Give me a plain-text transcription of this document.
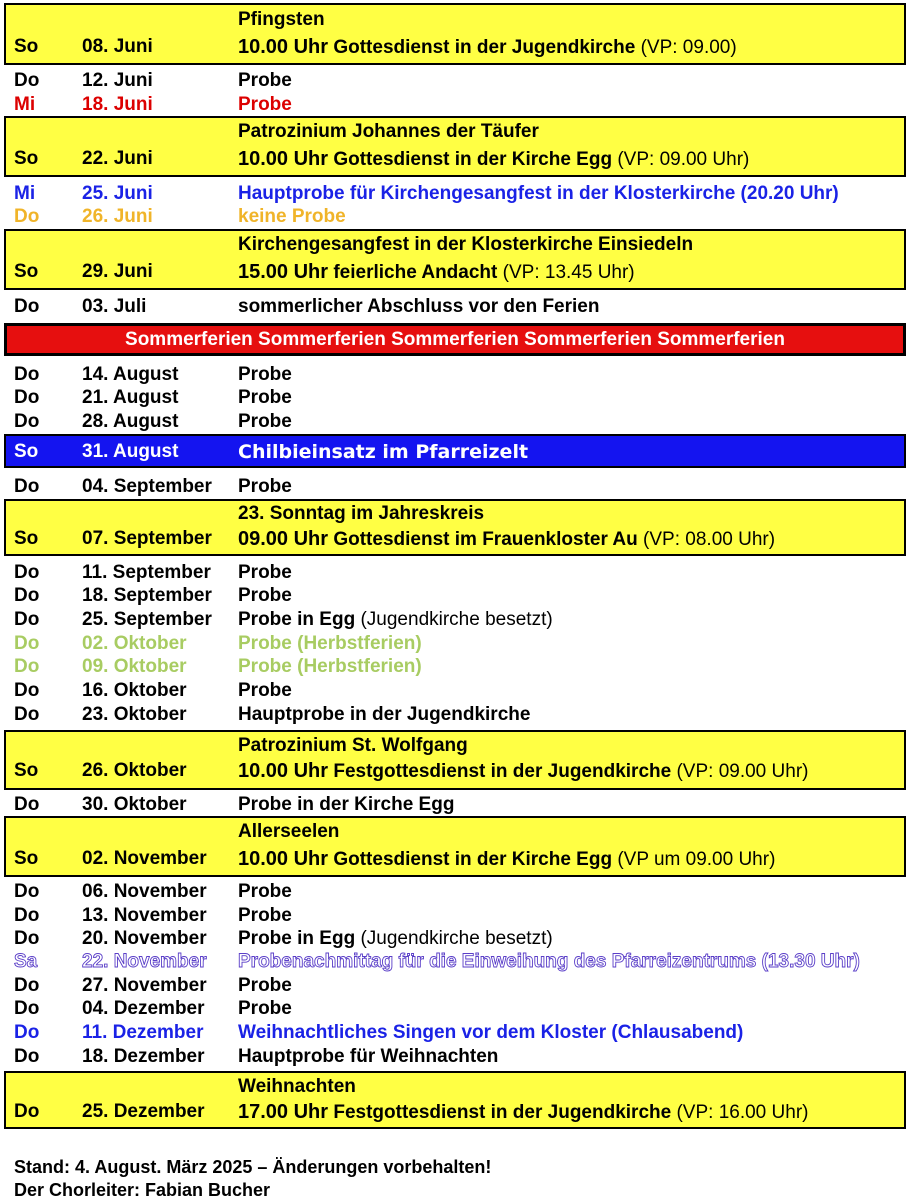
Pfingsten
So 08. Juni	10.00 Uhr Gottesdienst in der Jugendkirche (VP: 09.00)
Do 12. Juni	Probe
Mi 18. Juni	Probe
Patrozinium Johannes der Täufer
So 22. Juni	10.00 Uhr Gottesdienst in der Kirche Egg (VP: 09.00 Uhr)
Mi 25. Juni	Hauptprobe für Kirchengesangfest in der Klosterkirche (20.20 Uhr)
Do 26. Juni	keine Probe
Kirchengesangfest in der Klosterkirche Einsiedeln
So 29. Juni	15.00 Uhr feierliche Andacht (VP: 13.45 Uhr)
Do 03. Juli	sommerlicher Abschluss vor den Ferien
Sommerferien Sommerferien Sommerferien Sommerferien Sommerferien
Do 14. August	Probe
Do 21. August	Probe
Do 28. August	Probe
So 31. August	Chilbieinsatz im Pfarreizelt
Do 04. September Probe
23. Sonntag im Jahreskreis
So 07. September 09.00 Uhr Gottesdienst im Frauenkloster Au (VP: 08.00 Uhr)
Do 11. September Probe
Do 18. September Probe
Do 25. September Probe in Egg (Jugendkirche besetzt)
Do 02. Oktober	Probe (Herbstferien)
Do 09. Oktober	Probe (Herbstferien)
Do 16. Oktober	Probe
Do 23. Oktober	Hauptprobe in der Jugendkirche
Patrozinium St. Wolfgang
So 26. Oktober	10.00 Uhr Festgottesdienst in der Jugendkirche (VP: 09.00 Uhr)
Do 30. Oktober	Probe in der Kirche Egg
Allerseelen
So 02. November 10.00 Uhr Gottesdienst in der Kirche Egg (VP um 09.00 Uhr)
Do 06. November Probe
Do 13. November Probe
Do 20. November Probe in Egg (Jugendkirche besetzt)
Sa 22. November Probenachmittag für die Einweihung des Pfarreizentrums (13.30 Uhr)
Do 27. November Probe
Do 04. Dezember Probe
Do 11. Dezember Weihnachtliches Singen vor dem Kloster (Chlausabend)
Do 18. Dezember Hauptprobe für Weihnachten
Weihnachten
Do 25. Dezember 17.00 Uhr Festgottesdienst in der Jugendkirche (VP: 16.00 Uhr)
Stand: 4. August. März 2025 – Änderungen vorbehalten!
Der Chorleiter: Fabian Bucher
